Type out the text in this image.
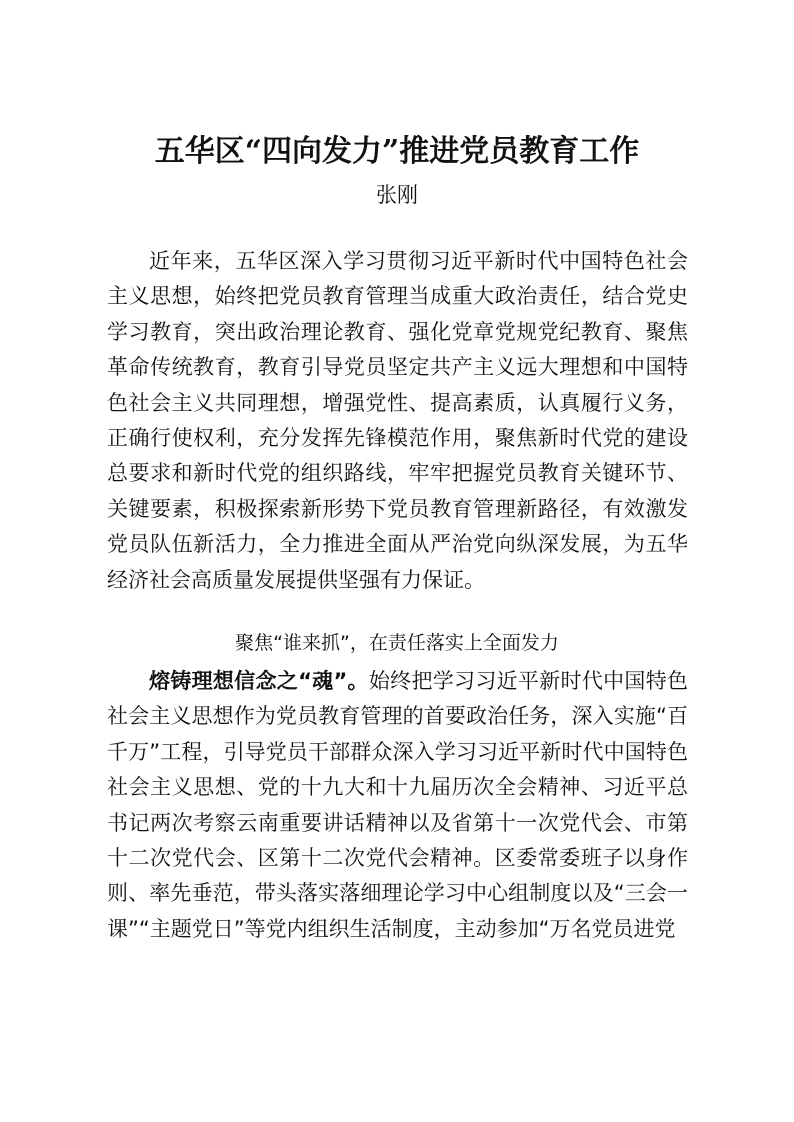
五华区“四向发力”推进党员教育工作
张刚

近年来，五华区深入学习贯彻习近平新时代中国特色社会主义思想，始终把党员教育管理当成重大政治责任，结合党史学习教育，突出政治理论教育、强化党章党规党纪教育、聚焦革命传统教育，教育引导党员坚定共产主义远大理想和中国特色社会主义共同理想，增强党性、提高素质，认真履行义务，正确行使权利，充分发挥先锋模范作用，聚焦新时代党的建设总要求和新时代党的组织路线，牢牢把握党员教育关键环节、关键要素，积极探索新形势下党员教育管理新路径，有效激发党员队伍新活力，全力推进全面从严治党向纵深发展，为五华经济社会高质量发展提供坚强有力保证。

聚焦“谁来抓”，在责任落实上全面发力

熔铸理想信念之“魂”。始终把学习习近平新时代中国特色社会主义思想作为党员教育管理的首要政治任务，深入实施“百千万”工程，引导党员干部群众深入学习习近平新时代中国特色社会主义思想、党的十九大和十九届历次全会精神、习近平总书记两次考察云南重要讲话精神以及省第十一次党代会、市第十二次党代会、区第十二次党代会精神。区委常委班子以身作则、率先垂范，带头落实落细理论学习中心组制度以及“三会一课”“主题党日”等党内组织生活制度，主动参加“万名党员进党
